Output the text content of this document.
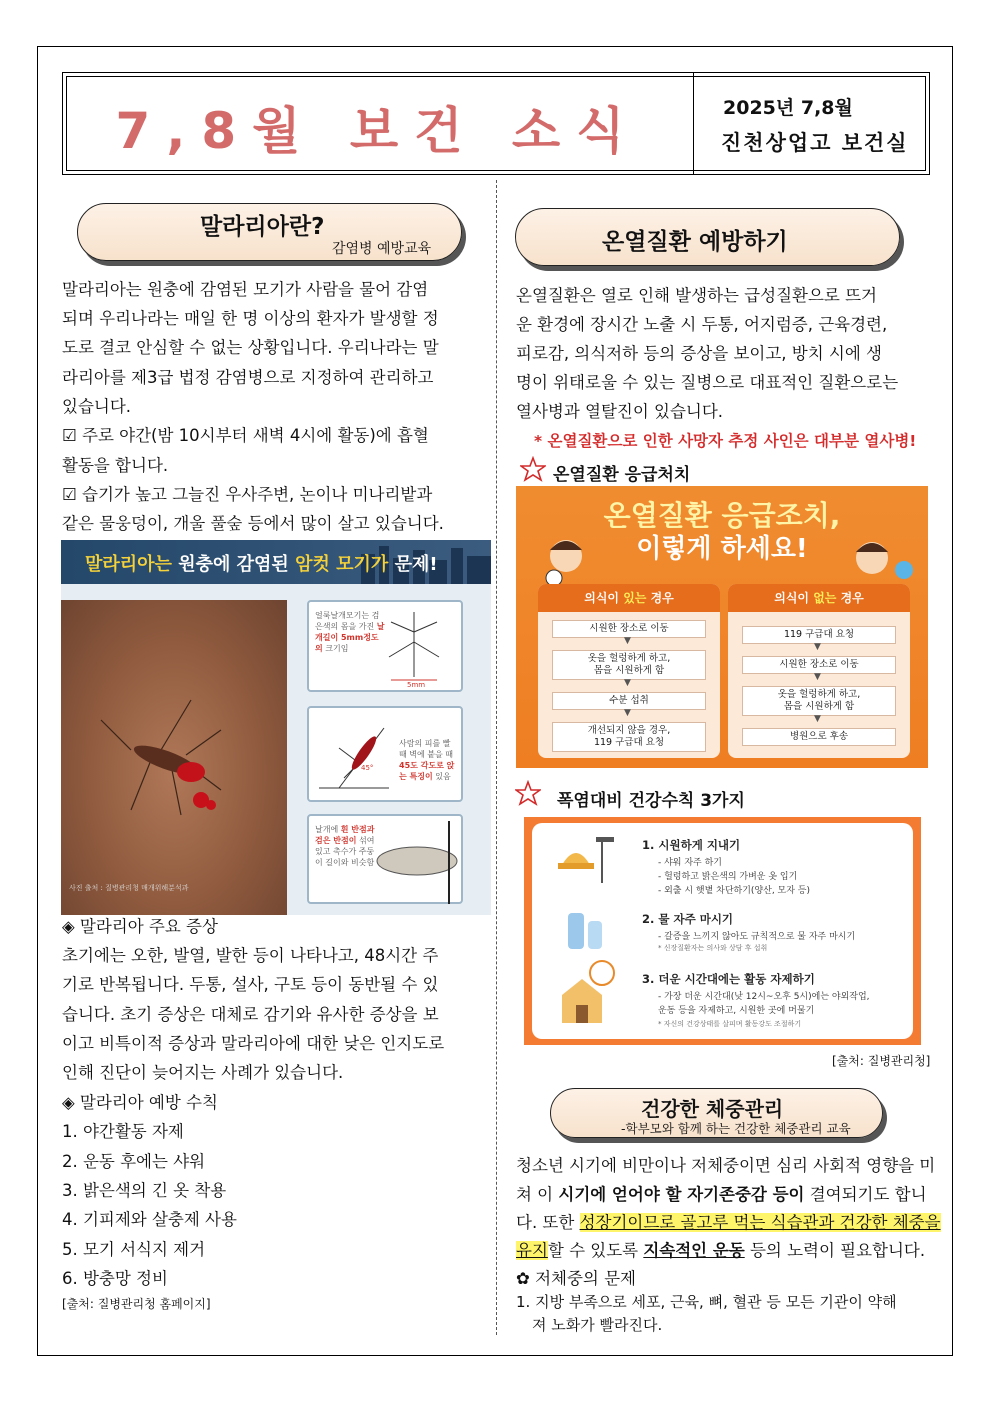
7,8월 보건 소식	2025년 7,8월
진천상업고 보건실
말라리아란?
감염병 예방교육
말라리아는 원충에 감염된 모기가 사람을 물어 감염
되며 우리나라는 매일 한 명 이상의 환자가 발생할 정
도로 결코 안심할 수 없는 상황입니다. 우리나라는 말
라리아를 제3급 법정 감염병으로 지정하여 관리하고
있습니다.
☑ 주로 야간(밤 10시부터 새벽 4시에 활동)에 흡혈
활동을 합니다.
☑ 습기가 높고 그늘진 우사주변, 논이나 미나리밭과
같은 물웅덩이, 개울 풀숲 등에서 많이 살고 있습니다.
말라리아는 원충에 감염된 암컷 모기가 문제!
얼룩날개모기는 검은색의 몸을 가진 날개길이 5mm정도의 크기임
5mm
45°
사람의 피를 빨 때 벽에 붙을 때 45도 각도로 앉는 특징이 있음
날개에 흰 반점과 검은 반점이 섞여 있고 촉수가 주둥이 길이와 비슷함
사진 출처 : 질병관리청 매개위해분석과
◈ 말라리아 주요 증상
초기에는 오한, 발열, 발한 등이 나타나고, 48시간 주
기로 반복됩니다. 두통, 설사, 구토 등이 동반될 수 있
습니다. 초기 증상은 대체로 감기와 유사한 증상을 보
이고 비특이적 증상과 말라리아에 대한 낮은 인지도로
인해 진단이 늦어지는 사례가 있습니다.
◈ 말라리아 예방 수칙
1. 야간활동 자제
2. 운동 후에는 샤워
3. 밝은색의 긴 옷 착용
4. 기피제와 살충제 사용
5. 모기 서식지 제거
6. 방충망 정비
[출처: 질병관리청 홈페이지]
온열질환 예방하기
온열질환은 열로 인해 발생하는 급성질환으로 뜨거
운 환경에 장시간 노출 시 두통, 어지럼증, 근육경련,
피로감, 의식저하 등의 증상을 보이고, 방치 시에 생
명이 위태로울 수 있는 질병으로 대표적인 질환으로는
열사병과 열탈진이 있습니다.
* 온열질환으로 인한 사망자 추정 사인은 대부분 열사병!
온열질환 응급처치
온열질환 응급조치,
이렇게 하세요!
의식이 있는 경우
시원한 장소로 이동
▼
옷을 헐렁하게 하고,
몸을 시원하게 함
▼
수분 섭취
▼
개선되지 않을 경우,
119 구급대 요청
의식이 없는 경우
119 구급대 요청
▼
시원한 장소로 이동
▼
옷을 헐렁하게 하고,
몸을 시원하게 함
▼
병원으로 후송
폭염대비 건강수칙 3가지
1. 시원하게 지내기
- 샤워 자주 하기
- 헐렁하고 밝은색의 가벼운 옷 입기
- 외출 시 햇볕 차단하기(양산, 모자 등)
2. 물 자주 마시기
- 갈증을 느끼지 않아도 규칙적으로 물 자주 마시기
* 신장질환자는 의사와 상담 후 섭취
3. 더운 시간대에는 활동 자제하기
- 가장 더운 시간대(낮 12시~오후 5시)에는 야외작업,
운동 등을 자제하고, 시원한 곳에 머물기
* 자신의 건강상태를 살피며 활동강도 조절하기
[출처: 질병관리청]
건강한 체중관리
-학부모와 함께 하는 건강한 체중관리 교육
청소년 시기에 비만이나 저체중이면 심리 사회적 영향을 미
쳐 이 시기에 얻어야 할 자기존중감 등이 결여되기도 합니
다. 또한 성장기이므로 골고루 먹는 식습관과 건강한 체중을
유지할 수 있도록 지속적인 운동 등의 노력이 필요합니다.
✿ 저체중의 문제
1. 지방 부족으로 세포, 근육, 뼈, 혈관 등 모든 기관이 약해
져 노화가 빨라진다.
